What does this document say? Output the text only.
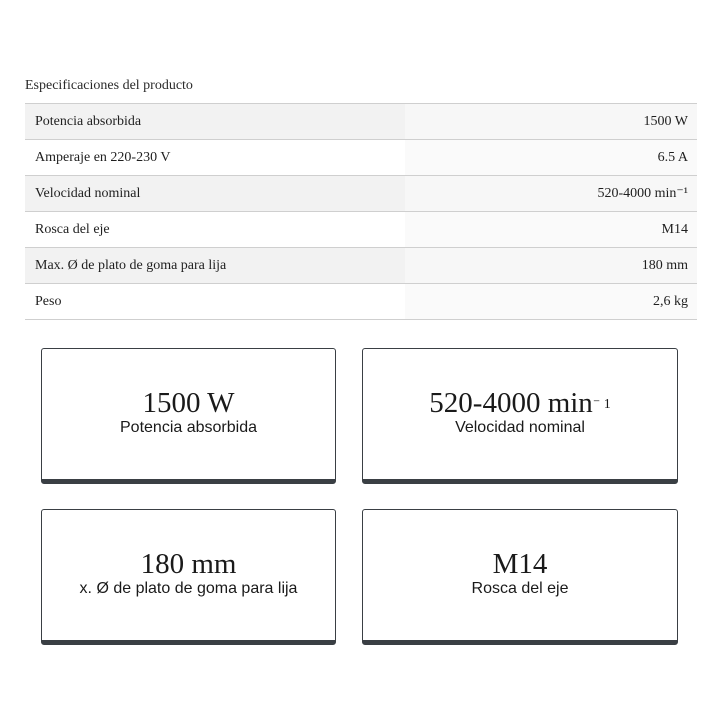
Especificaciones del producto
Potencia absorbida	1500 W
Amperaje en 220-230 V	6.5 A
Velocidad nominal	520-4000 min⁻¹
Rosca del eje	M14
Max. Ø de plato de goma para lija	180 mm
Peso	2,6 kg
1500 W
Potencia absorbida
520-4000 $\min^{^- 1}$
Velocidad nominal
180 mm
x. Ø de plato de goma para lija
M14
Rosca del eje
